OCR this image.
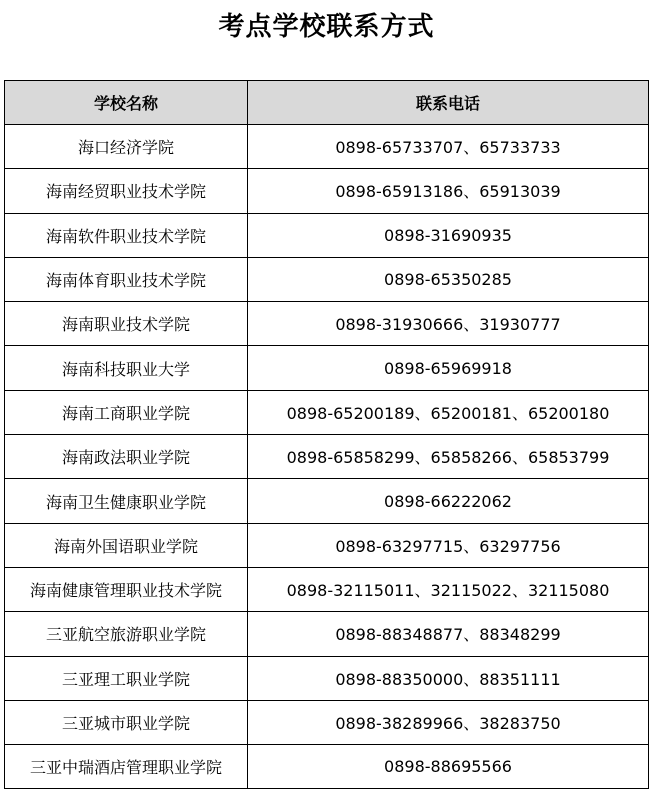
考点学校联系方式
学校名称	联系电话
海口经济学院	0898-65733707、65733733
海南经贸职业技术学院	0898-65913186、65913039
海南软件职业技术学院	0898-31690935
海南体育职业技术学院	0898-65350285
海南职业技术学院	0898-31930666、31930777
海南科技职业大学	0898-65969918
海南工商职业学院	0898-65200189、65200181、65200180
海南政法职业学院	0898-65858299、65858266、65853799
海南卫生健康职业学院	0898-66222062
海南外国语职业学院	0898-63297715、63297756
海南健康管理职业技术学院	0898-32115011、32115022、32115080
三亚航空旅游职业学院	0898-88348877、88348299
三亚理工职业学院	0898-88350000、88351111
三亚城市职业学院	0898-38289966、38283750
三亚中瑞酒店管理职业学院	0898-88695566
